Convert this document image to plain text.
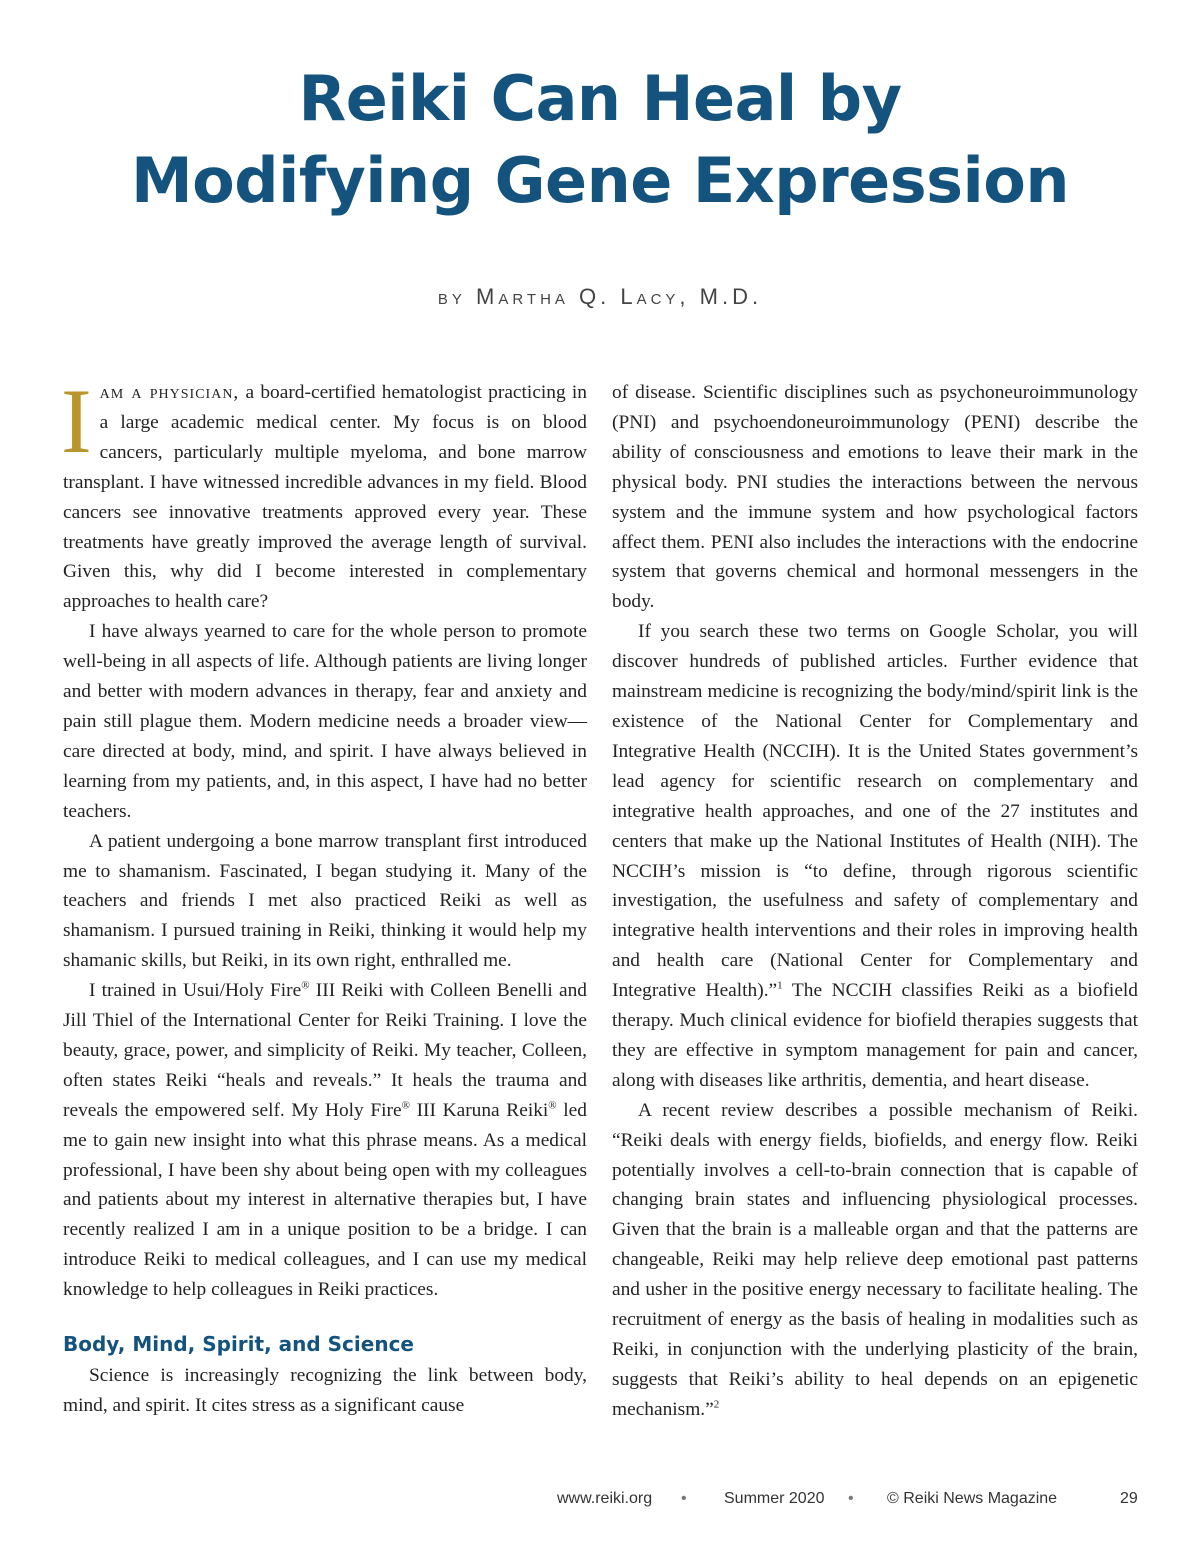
Reiki Can Heal by
Modifying Gene Expression

by Martha Q. Lacy, M.D.

Iam a physician, a board-certified hematologist practicing in a large academic medical center. My focus is on blood cancers, particularly multiple myeloma, and bone marrow transplant. I have witnessed incredible advances in my field. Blood cancers see innovative treatments approved every year. These treatments have greatly improved the average length of survival. Given this, why did I become interested in complementary approaches to health care?

I have always yearned to care for the whole person to promote well-being in all aspects of life. Although patients are living longer and better with modern advances in therapy, fear and anxiety and pain still plague them. Modern medicine needs a broader view—care directed at body, mind, and spirit. I have always believed in learning from my patients, and, in this aspect, I have had no better teachers.

A patient undergoing a bone marrow transplant first introduced me to shamanism. Fascinated, I began studying it. Many of the teachers and friends I met also practiced Reiki as well as shamanism. I pursued training in Reiki, thinking it would help my shamanic skills, but Reiki, in its own right, enthralled me.

I trained in Usui/Holy Fire® III Reiki with Colleen Benelli and Jill Thiel of the International Center for Reiki Training. I love the beauty, grace, power, and simplicity of Reiki. My teacher, Colleen, often states Reiki “heals and reveals.” It heals the trauma and reveals the empowered self. My Holy Fire® III Karuna Reiki® led me to gain new insight into what this phrase means. As a medical professional, I have been shy about being open with my colleagues and patients about my interest in alternative therapies but, I have recently realized I am in a unique position to be a bridge. I can introduce Reiki to medical colleagues, and I can use my medical knowledge to help colleagues in Reiki practices.

Body, Mind, Spirit, and Science

Science is increasingly recognizing the link between body, mind, and spirit. It cites stress as a significant cause

of disease. Scientific disciplines such as psychoneuroimmunology (PNI) and psychoendoneuroimmunology (PENI) describe the ability of consciousness and emotions to leave their mark in the physical body. PNI studies the interactions between the nervous system and the immune system and how psychological factors affect them. PENI also includes the interactions with the endocrine system that governs chemical and hormonal messengers in the body.

If you search these two terms on Google Scholar, you will discover hundreds of published articles. Further evidence that mainstream medicine is recognizing the body/mind/spirit link is the existence of the National Center for Complementary and Integrative Health (NCCIH). It is the United States government’s lead agency for scientific research on complementary and integrative health approaches, and one of the 27 institutes and centers that make up the National Institutes of Health (NIH). The NCCIH’s mission is “to define, through rigorous scientific investigation, the usefulness and safety of complementary and integrative health interventions and their roles in improving health and health care (National Center for Complementary and Integrative Health).”$^1$ The NCCIH classifies Reiki as a biofield therapy. Much clinical evidence for biofield therapies suggests that they are effective in symptom management for pain and cancer, along with diseases like arthritis, dementia, and heart disease.

A recent review describes a possible mechanism of Reiki. “Reiki deals with energy fields, biofields, and energy flow. Reiki potentially involves a cell-to-brain connection that is capable of changing brain states and influencing physiological processes. Given that the brain is a malleable organ and that the patterns are changeable, Reiki may help relieve deep emotional past patterns and usher in the positive energy necessary to facilitate healing. The recruitment of energy as the basis of healing in modalities such as Reiki, in conjunction with the underlying plasticity of the brain, suggests that Reiki’s ability to heal depends on an epigenetic mechanism.”$^2$

www.reiki.org • Summer 2020 • © Reiki News Magazine	29
